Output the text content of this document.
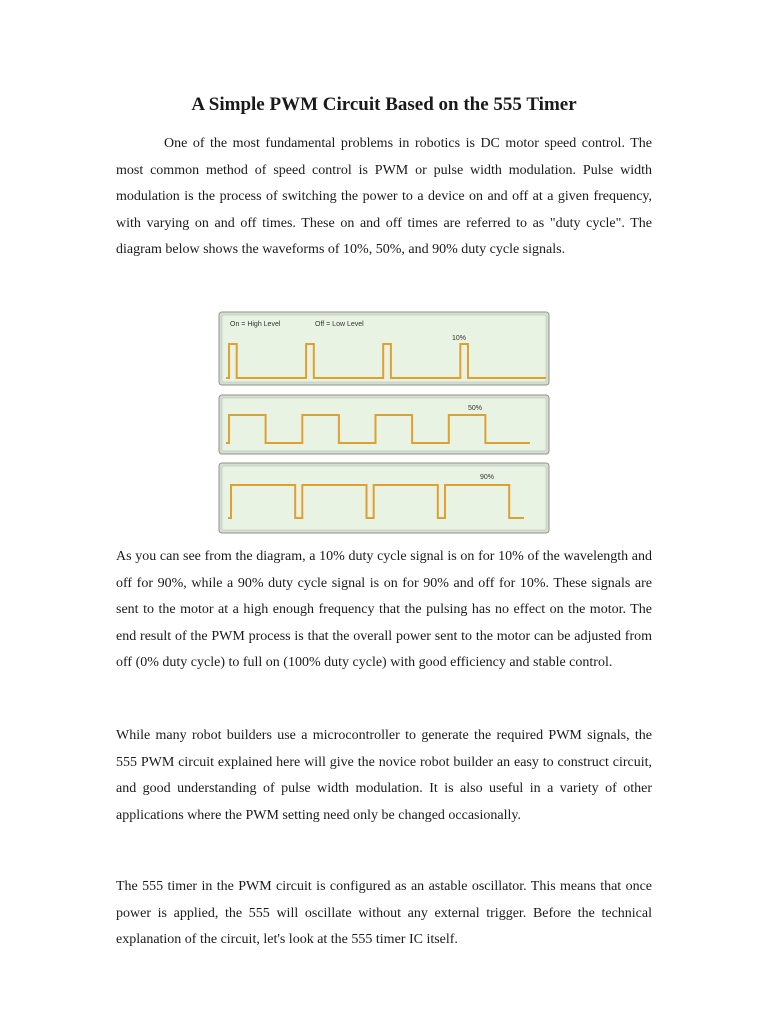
A Simple PWM Circuit Based on the 555 Timer

One of the most fundamental problems in robotics is DC motor speed control. The most common method of speed control is PWM or pulse width modulation. Pulse width modulation is the process of switching the power to a device on and off at a given frequency, with varying on and off times. These on and off times are referred to as "duty cycle". The diagram below shows the waveforms of 10%, 50%, and 90% duty cycle signals.

On = High Level	Off = Low Level
10%
50%
90%

As you can see from the diagram, a 10% duty cycle signal is on for 10% of the wavelength and off for 90%, while a 90% duty cycle signal is on for 90% and off for 10%. These signals are sent to the motor at a high enough frequency that the pulsing has no effect on the motor. The end result of the PWM process is that the overall power sent to the motor can be adjusted from off (0% duty cycle) to full on (100% duty cycle) with good efficiency and stable control.

While many robot builders use a microcontroller to generate the required PWM signals, the 555 PWM circuit explained here will give the novice robot builder an easy to construct circuit, and good understanding of pulse width modulation. It is also useful in a variety of other applications where the PWM setting need only be changed occasionally.

The 555 timer in the PWM circuit is configured as an astable oscillator. This means that once power is applied, the 555 will oscillate without any external trigger. Before the technical explanation of the circuit, let's look at the 555 timer IC itself.
